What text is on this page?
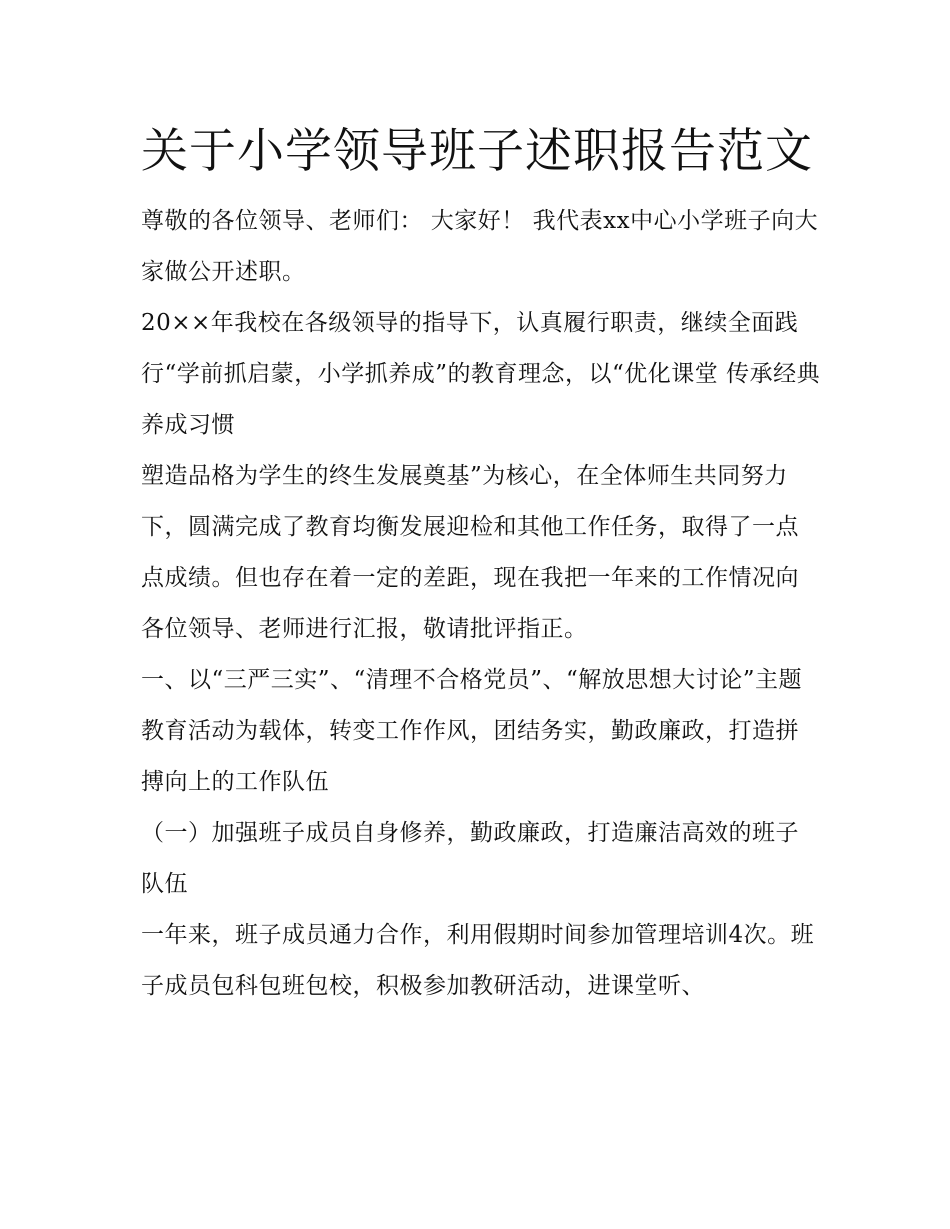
关于小学领导班子述职报告范文

尊敬的各位领导、老师们： 大家好！ 我代表xx中心小学班子向大家做公开述职。

20××年我校在各级领导的指导下，认真履行职责，继续全面践行“学前抓启蒙，小学抓养成”的教育理念，以“优化课堂 传承经典 养成习惯

塑造品格为学生的终生发展奠基”为核心，在全体师生共同努力下，圆满完成了教育均衡发展迎检和其他工作任务，取得了一点点成绩。但也存在着一定的差距，现在我把一年来的工作情况向各位领导、老师进行汇报，敬请批评指正。

一、以“三严三实”、“清理不合格党员”、“解放思想大讨论”主题教育活动为载体，转变工作作风，团结务实，勤政廉政，打造拼搏向上的工作队伍

（一）加强班子成员自身修养，勤政廉政，打造廉洁高效的班子队伍

一年来，班子成员通力合作，利用假期时间参加管理培训4次。班子成员包科包班包校，积极参加教研活动，进课堂听、
